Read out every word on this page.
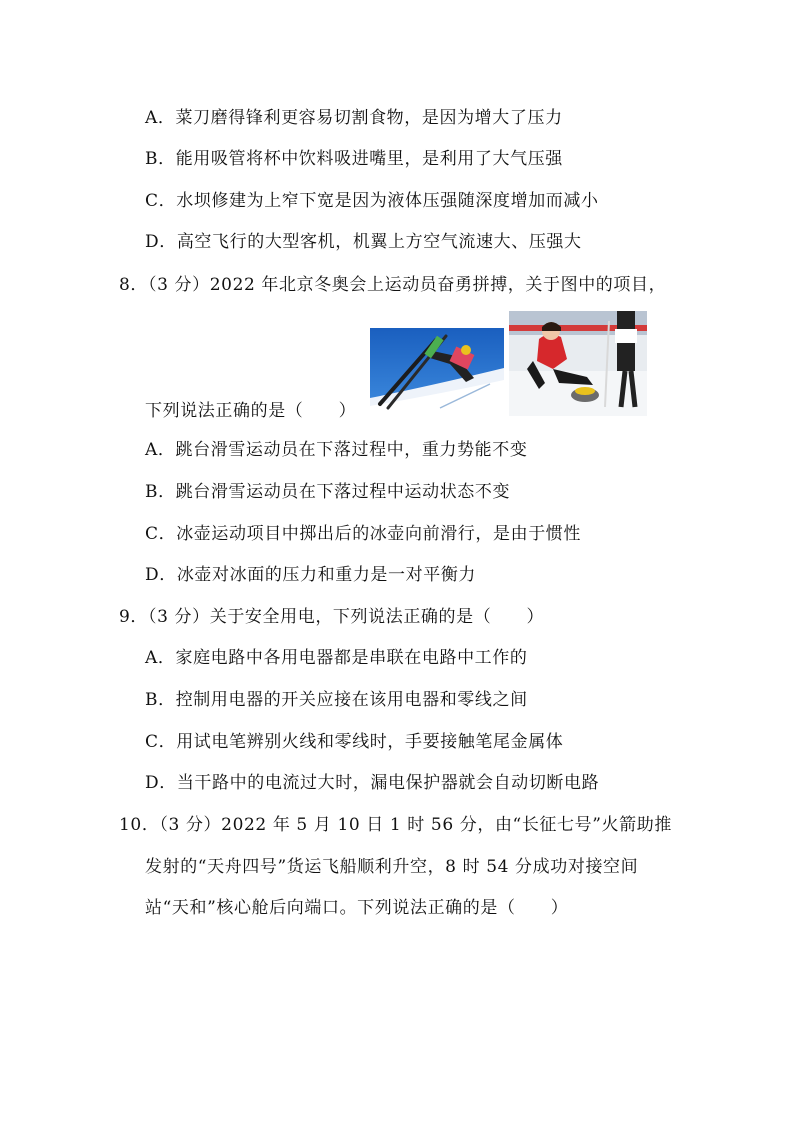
A．菜刀磨得锋利更容易切割食物，是因为增大了压力
B．能用吸管将杯中饮料吸进嘴里，是利用了大气压强
C．水坝修建为上窄下宽是因为液体压强随深度增加而减小
D．高空飞行的大型客机，机翼上方空气流速大、压强大
8．（3 分）2022 年北京冬奥会上运动员奋勇拼搏，关于图中的项目，
下列说法正确的是（　　）
A．跳台滑雪运动员在下落过程中，重力势能不变
B．跳台滑雪运动员在下落过程中运动状态不变
C．冰壶运动项目中掷出后的冰壶向前滑行，是由于惯性
D．冰壶对冰面的压力和重力是一对平衡力
9．（3 分）关于安全用电，下列说法正确的是（　　）
A．家庭电路中各用电器都是串联在电路中工作的
B．控制用电器的开关应接在该用电器和零线之间
C．用试电笔辨别火线和零线时，手要接触笔尾金属体
D．当干路中的电流过大时，漏电保护器就会自动切断电路
10．（3 分）2022 年 5 月 10 日 1 时 56 分，由“长征七号”火箭助推
发射的“天舟四号”货运飞船顺利升空，8 时 54 分成功对接空间
站“天和”核心舱后向端口。下列说法正确的是（　　）
